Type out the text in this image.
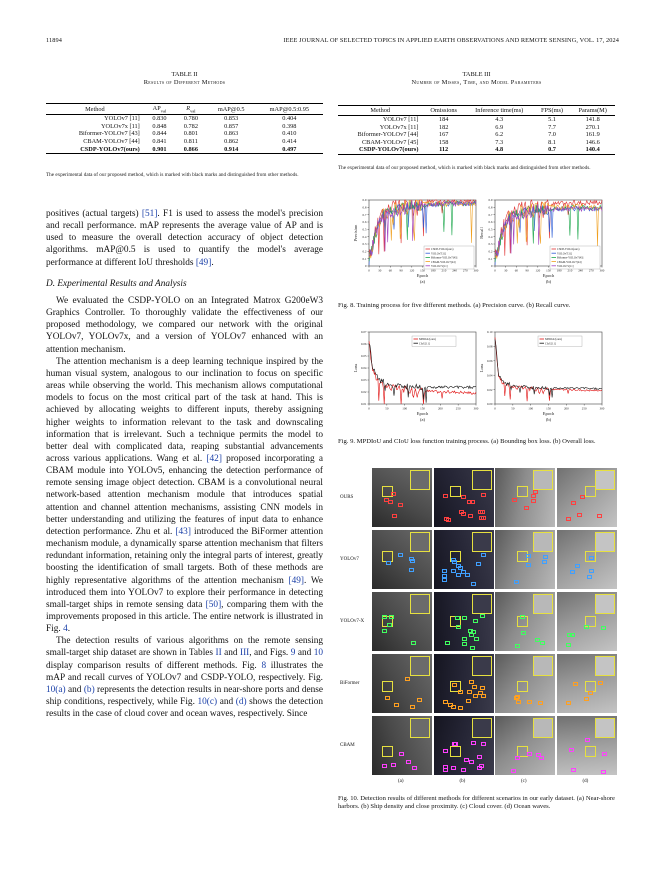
11894	IEEE JOURNAL OF SELECTED TOPICS IN APPLIED EARTH OBSERVATIONS AND REMOTE SENSING, VOL. 17, 2024
TABLE II
Results of Different Methods
Method	$AP_{val}$	$R_{val}$	mAP@0.5	mAP@0.5:0.95
YOLOv7 [11]	0.830	0.780	0.853	0.404
YOLOv7x [11]	0.848	0.782	0.857	0.398
Biformer-YOLOv7 [43]	0.844	0.801	0.863	0.410
CBAM-YOLOv7 [44]	0.841	0.811	0.862	0.414
CSDP-YOLOv7(ours)	0.901	0.866	0.914	0.497
The experimental data of our proposed method, which is marked with black marks and distinguished from other methods.
TABLE III
Number of Misses, Time, and Model Parameters
Method	Omissions	Inference time(ms)	FPS(ms)	Params(M)
YOLOv7 [11]	184	4.3	5.1	141.8
YOLOv7x [11]	182	6.9	7.7	270.1
Biformer-YOLOv7 [44]	167	6.2	7.0	161.9
CBAM-YOLOv7 [45]	158	7.3	8.1	146.6
CSDP-YOLOv7(ours)	112	4.8	0.7	140.4
The experimental data of our proposed method, which is marked with black marks and distinguished from other methods.

positives (actual targets) [51]. F1 is used to assess the model's precision and recall performance. mAP represents the average value of AP and is used to measure the overall detection accuracy of object detection algorithms. mAP@0.5 is used to quantify the model's average performance at different IoU thresholds [49].

D. Experimental Results and Analysis

We evaluated the CSDP-YOLO on an Integrated Matrox G200eW3 Graphics Controller. To thoroughly validate the effectiveness of our proposed methodology, we compared our network with the original YOLOv7, YOLOv7x, and a version of YOLOv7 enhanced with an attention mechanism.

The attention mechanism is a deep learning technique inspired by the human visual system, analogous to our inclination to focus on specific areas while observing the world. This mechanism allows computational models to focus on the most critical part of the task at hand. This is achieved by allocating weights to different inputs, thereby assigning higher weights to information relevant to the task and downscaling information that is irrelevant. Such a technique permits the model to better deal with complicated data, reaping substantial advancements across various applications. Wang et al. [42] proposed incorporating a CBAM module into YOLOv5, enhancing the detection performance of remote sensing image object detection. CBAM is a convolutional neural network-based attention mechanism module that introduces spatial attention and channel attention mechanisms, assisting CNN models in better understanding and utilizing the features of input data to enhance detection performance. Zhu et al. [43] introduced the BiFormer attention mechanism module, a dynamically sparse attention mechanism that filters redundant information, retaining only the integral parts of interest, greatly boosting the identification of small targets. Both of these methods are highly representative algorithms of the attention mechanism [49]. We introduced them into YOLOv7 to explore their performance in detecting small-target ships in remote sensing data [50], comparing them with the improvements proposed in this article. The entire network is illustrated in Fig. 4.

The detection results of various algorithms on the remote sensing small-target ship dataset are shown in Tables II and III, and Figs. 9 and 10 display comparison results of different methods. Fig. 8 illustrates the mAP and recall curves of YOLOv7 and CSDP-YOLO, respectively. Fig. 10(a) and (b) represents the detection results in near-shore ports and dense ship conditions, respectively, while Fig. 10(c) and (d) shows the detection results in the case of cloud cover and ocean waves, respectively. Since

0	30 60 90 120 150 180 210 240 270 300
0.9
0.8
0.7
0.6
0.5
0.4
0.3
0.2
0.1
0
Epoch
(a)
Precision
CSDP-YOLO(ours)
YOLOv7[11]
Biformer-YOLOv7[43]
CBAM-YOLOv7[44]
YOLOv7x[11]
0	30 60 90 120 150 180 210 240 270 300
0.9
0.8
0.7
0.6
0.5
0.4
0.3
0.2
0.1
0
Epoch
(b)
Recall
CSDP-YOLO(ours)
YOLOv7[11]
Biformer-YOLOv7[43]
CBAM-YOLOv7[44]
YOLOv7x[11]
Fig. 8. Training process for five different methods. (a) Precision curve. (b) Recall curve.
0	50	100	150	200	250	300
0.07
0.06
0.05
0.04
0.03
0.02
0.01
Epoch
(a)
Loss
MPDIoU(ours)
CIoU[11]
0	50	100	150	200	250	300
0.10
0.08
0.06
0.04
0.02
0.00
Epoch
(b)
Loss
MPDIoU(ours)
CIoU[11]
Fig. 9. MPDIoU and CIoU loss function training process. (a) Bounding box loss. (b) Overall loss.
OURS
YOLOv7
YOLOv7-X
BiFormer
CBAM
(a)	(b)	(c)	(d)
Fig. 10. Detection results of different methods for different scenarios in our early dataset. (a) Near-shore harbors. (b) Ship density and close proximity. (c) Cloud cover. (d) Ocean waves.
